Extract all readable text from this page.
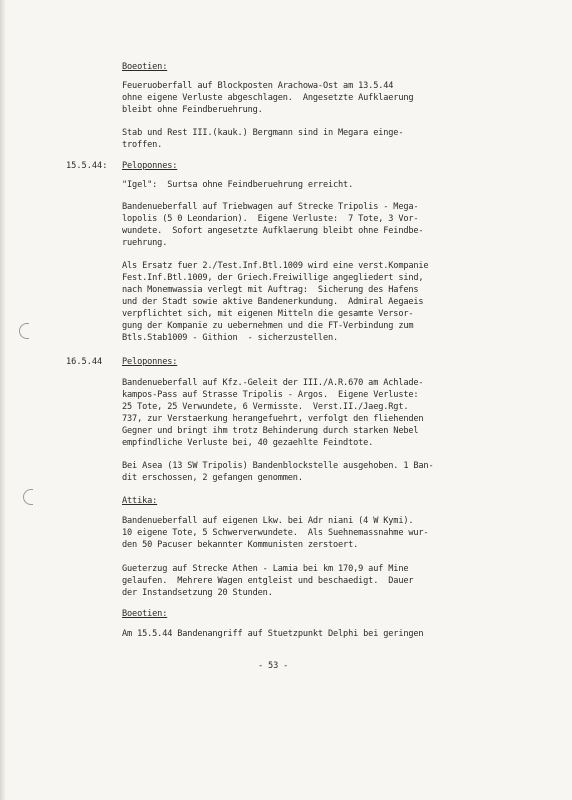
Boeotien:
Feueruoberfall auf Blockposten Arachowa-Ost am 13.5.44
ohne eigene Verluste abgeschlagen.  Angesetzte Aufklaerung
bleibt ohne Feindberuehrung.
Stab und Rest III.(kauk.) Bergmann sind in Megara einge-
troffen.
15.5.44: Peloponnes:
"Igel":  Surtsa ohne Feindberuehrung erreicht.
Bandenueberfall auf Triebwagen auf Strecke Tripolis - Mega-
lopolis (5 0 Leondarion).  Eigene Verluste:  7 Tote, 3 Vor-
wundete.  Sofort angesetzte Aufklaerung bleibt ohne Feindbe-
ruehrung.
Als Ersatz fuer 2./Test.Inf.Btl.1009 wird eine verst.Kompanie
Fest.Inf.Btl.1009, der Griech.Freiwillige angegliedert sind,
nach Monemwassia verlegt mit Auftrag:  Sicherung des Hafens
und der Stadt sowie aktive Bandenerkundung.  Admiral Aegaeis
verpflichtet sich, mit eigenen Mitteln die gesamte Versor-
gung der Kompanie zu uebernehmen und die FT-Verbindung zum
Btls.Stab1009 - Githion  - sicherzustellen.
16.5.44 Peloponnes:
Bandenueberfall auf Kfz.-Geleit der III./A.R.670 am Achlade-
kampos-Pass auf Strasse Tripolis - Argos.  Eigene Verluste:
25 Tote, 25 Verwundete, 6 Vermisste.  Verst.II./Jaeg.Rgt.
737, zur Verstaerkung herangefuehrt, verfolgt den fliehenden
Gegner und bringt ihm trotz Behinderung durch starken Nebel
empfindliche Verluste bei, 40 gezaehlte Feindtote.
Bei Asea (13 SW Tripolis) Bandenblockstelle ausgehoben. 1 Ban-
dit erschossen, 2 gefangen genommen.
Attika:
Bandenueberfall auf eigenen Lkw. bei Adr niani (4 W Kymi).
10 eigene Tote, 5 Schwerverwundete.  Als Suehnemassnahme wur-
den 50 Pacuser bekannter Kommunisten zerstoert.
Gueterzug auf Strecke Athen - Lamia bei km 170,9 auf Mine
gelaufen.  Mehrere Wagen entgleist und beschaedigt.  Dauer
der Instandsetzung 20 Stunden.
Boeotien:
Am 15.5.44 Bandenangriff auf Stuetzpunkt Delphi bei geringen
- 53 -
